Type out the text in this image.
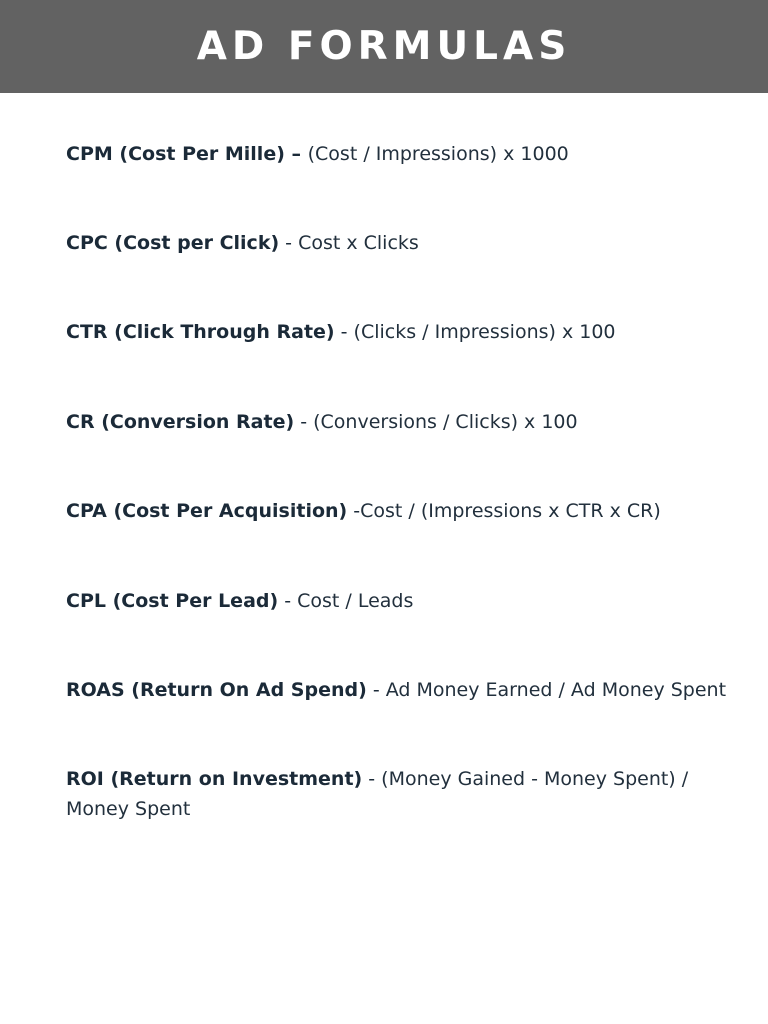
AD FORMULAS
CPM (Cost Per Mille) – (Cost / Impressions) x 1000
CPC (Cost per Click) - Cost x Clicks
CTR (Click Through Rate) - (Clicks / Impressions) x 100
CR (Conversion Rate) - (Conversions / Clicks) x 100
CPA (Cost Per Acquisition) -Cost / (Impressions x CTR x CR)
CPL (Cost Per Lead) - Cost / Leads
ROAS (Return On Ad Spend) - Ad Money Earned / Ad Money Spent
ROI (Return on Investment) - (Money Gained - Money Spent) / Money Spent
